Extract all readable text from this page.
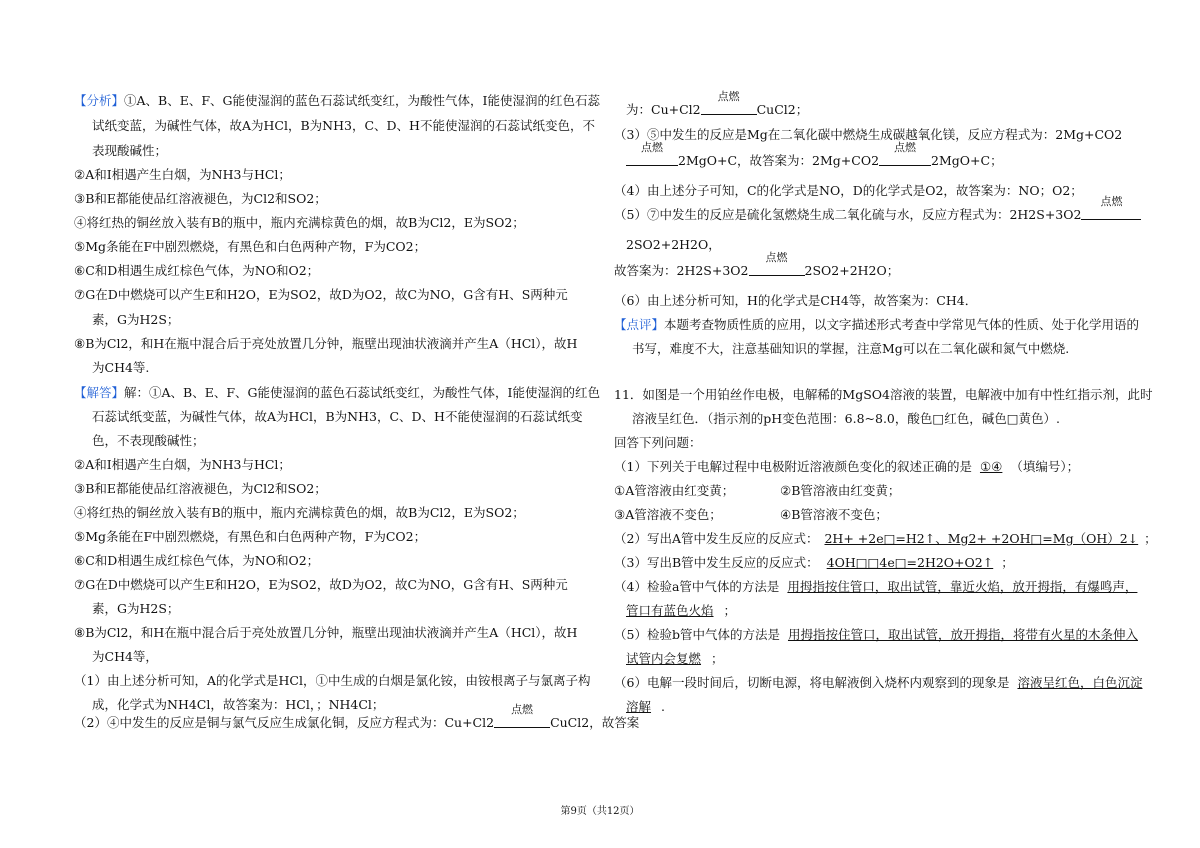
【分析】①A、B、E、F、G能使湿润的蓝色石蕊试纸变红，为酸性气体，I能使湿润的红色石蕊
试纸变蓝，为碱性气体，故A为HCl，B为NH3，C、D、H不能使湿润的石蕊试纸变色，不
表现酸碱性；
②A和I相遇产生白烟，为NH3与HCl；
③B和E都能使品红溶液褪色，为Cl2和SO2；
④将红热的铜丝放入装有B的瓶中，瓶内充满棕黄色的烟，故B为Cl2，E为SO2；
⑤Mg条能在F中剧烈燃烧，有黑色和白色两种产物，F为CO2；
⑥C和D相遇生成红棕色气体，为NO和O2；
⑦G在D中燃烧可以产生E和H2O，E为SO2，故D为O2，故C为NO，G含有H、S两种元
素，G为H2S；
⑧B为Cl2，和H在瓶中混合后于亮处放置几分钟，瓶壁出现油状液滴并产生A（HCl），故H
为CH4等.
【解答】解：①A、B、E、F、G能使湿润的蓝色石蕊试纸变红，为酸性气体，I能使湿润的红色
石蕊试纸变蓝，为碱性气体，故A为HCl，B为NH3，C、D、H不能使湿润的石蕊试纸变
色，不表现酸碱性；
②A和I相遇产生白烟，为NH3与HCl；
③B和E都能使品红溶液褪色，为Cl2和SO2；
④将红热的铜丝放入装有B的瓶中，瓶内充满棕黄色的烟，故B为Cl2，E为SO2；
⑤Mg条能在F中剧烈燃烧，有黑色和白色两种产物，F为CO2；
⑥C和D相遇生成红棕色气体，为NO和O2；
⑦G在D中燃烧可以产生E和H2O，E为SO2，故D为O2，故C为NO，G含有H、S两种元
素，G为H2S；
⑧B为Cl2，和H在瓶中混合后于亮处放置几分钟，瓶壁出现油状液滴并产生A（HCl），故H
为CH4等，
（1）由上述分析可知，A的化学式是HCl，①中生成的白烟是氯化铵，由铵根离子与氯离子构
成，化学式为NH4Cl，故答案为：HCl，；NH4Cl；
（2）④中发生的反应是铜与氯气反应生成氯化铜，反应方程式为：Cu+Cl2
点燃
CuCl2，故答案
为：Cu+Cl2
点燃
CuCl2；
（3）⑤中发生的反应是Mg在二氧化碳中燃烧生成碳越氧化镁，反应方程式为：2Mg+CO2
点燃
2MgO+C，故答案为：2Mg+CO2
点燃
2MgO+C；
（4）由上述分子可知，C的化学式是NO，D的化学式是O2，故答案为：NO；O2；
（5）⑦中发生的反应是硫化氢燃烧生成二氧化硫与水，反应方程式为：2H2S+3O2
点燃
2SO2+2H2O，
故答案为：2H2S+3O2
点燃
2SO2+2H2O；
（6）由上述分析可知，H的化学式是CH4等，故答案为：CH4．
【点评】本题考查物质性质的应用，以文字描述形式考查中学常见气体的性质、处于化学用语的
书写，难度不大，注意基础知识的掌握，注意Mg可以在二氧化碳和氮气中燃烧.
11．如图是一个用铂丝作电极，电解稀的MgSO4溶液的装置，电解液中加有中性红指示剂，此时
溶液呈红色．（指示剂的pH变色范围：6.8~8.0，酸色□红色，碱色□黄色）.
回答下列问题：
（1）下列关于电解过程中电极附近溶液颜色变化的叙述正确的是 ①④ （填编号）；
①A管溶液由红变黄；	②B管溶液由红变黄；
③A管溶液不变色；	④B管溶液不变色；
（2）写出A管中发生反应的反应式： 2H+ +2e□=H2↑、Mg2+ +2OH□=Mg（OH）2↓ ；
（3）写出B管中发生反应的反应式： 4OH□□4e□=2H2O+O2↑ ；
（4）检验a管中气体的方法是 用拇指按住管口，取出试管，靠近火焰，放开拇指，有爆鸣声，
管口有蓝色火焰 ；
（5）检验b管中气体的方法是 用拇指按住管口，取出试管，放开拇指，将带有火星的木条伸入
试管内会复燃 ；
（6）电解一段时间后，切断电源，将电解液倒入烧杯内观察到的现象是 溶液呈红色，白色沉淀
溶解 .
第9页（共12页）
